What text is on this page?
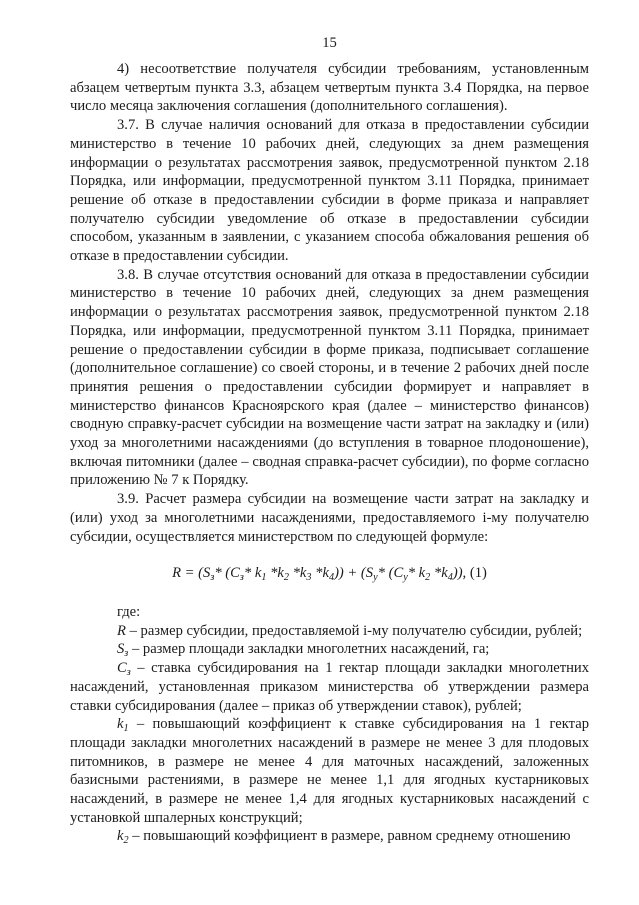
15

4) несоответствие получателя субсидии требованиям, установленным абзацем четвертым пункта 3.3, абзацем четвертым пункта 3.4 Порядка, на первое число месяца заключения соглашения (дополнительного соглашения).

3.7. В случае наличия оснований для отказа в предоставлении субсидии министерство в течение 10 рабочих дней, следующих за днем размещения информации о результатах рассмотрения заявок, предусмотренной пунктом 2.18 Порядка, или информации, предусмотренной пунктом 3.11 Порядка, принимает решение об отказе в предоставлении субсидии в форме приказа и направляет получателю субсидии уведомление об отказе в предоставлении субсидии способом, указанным в заявлении, с указанием способа обжалования решения об отказе в предоставлении субсидии.

3.8. В случае отсутствия оснований для отказа в предоставлении субсидии министерство в течение 10 рабочих дней, следующих за днем размещения информации о результатах рассмотрения заявок, предусмотренной пунктом 2.18 Порядка, или информации, предусмотренной пунктом 3.11 Порядка, принимает решение о предоставлении субсидии в форме приказа, подписывает соглашение (дополнительное соглашение) со своей стороны, и в течение 2 рабочих дней после принятия решения о предоставлении субсидии формирует и направляет в министерство финансов Красноярского края (далее – министерство финансов) сводную справку-расчет субсидии на возмещение части затрат на закладку и (или) уход за многолетними насаждениями (до вступления в товарное плодоношение), включая питомники (далее – сводная справка-расчет субсидии), по форме согласно приложению № 7 к Порядку.

3.9. Расчет размера субсидии на возмещение части затрат на закладку и (или) уход за многолетними насаждениями, предоставляемого i-му получателю субсидии, осуществляется министерством по следующей формуле:

$R = (S_з*$ ($C_з*$ $k_1$ $*k_2$ $*k_3$ $*k_4)) + (S_у*$ ($C_у*$ $k_2$ $*k_4$)), (1)

где:

R – размер субсидии, предоставляемой i-му получателю субсидии, рублей;

$S_з$ – размер площади закладки многолетних насаждений, га;

$C_з$ – ставка субсидирования на 1 гектар площади закладки многолетних насаждений, установленная приказом министерства об утверждении размера ставки субсидирования (далее – приказ об утверждении ставок), рублей;

$k_1$ – повышающий коэффициент к ставке субсидирования на 1 гектар площади закладки многолетних насаждений в размере не менее 3 для плодовых питомников, в размере не менее 4 для маточных насаждений, заложенных базисными растениями, в размере не менее 1,1 для ягодных кустарниковых насаждений, в размере не менее 1,4 для ягодных кустарниковых насаждений с установкой шпалерных конструкций;

$k_2$ – повышающий коэффициент в размере, равном среднему отношению
